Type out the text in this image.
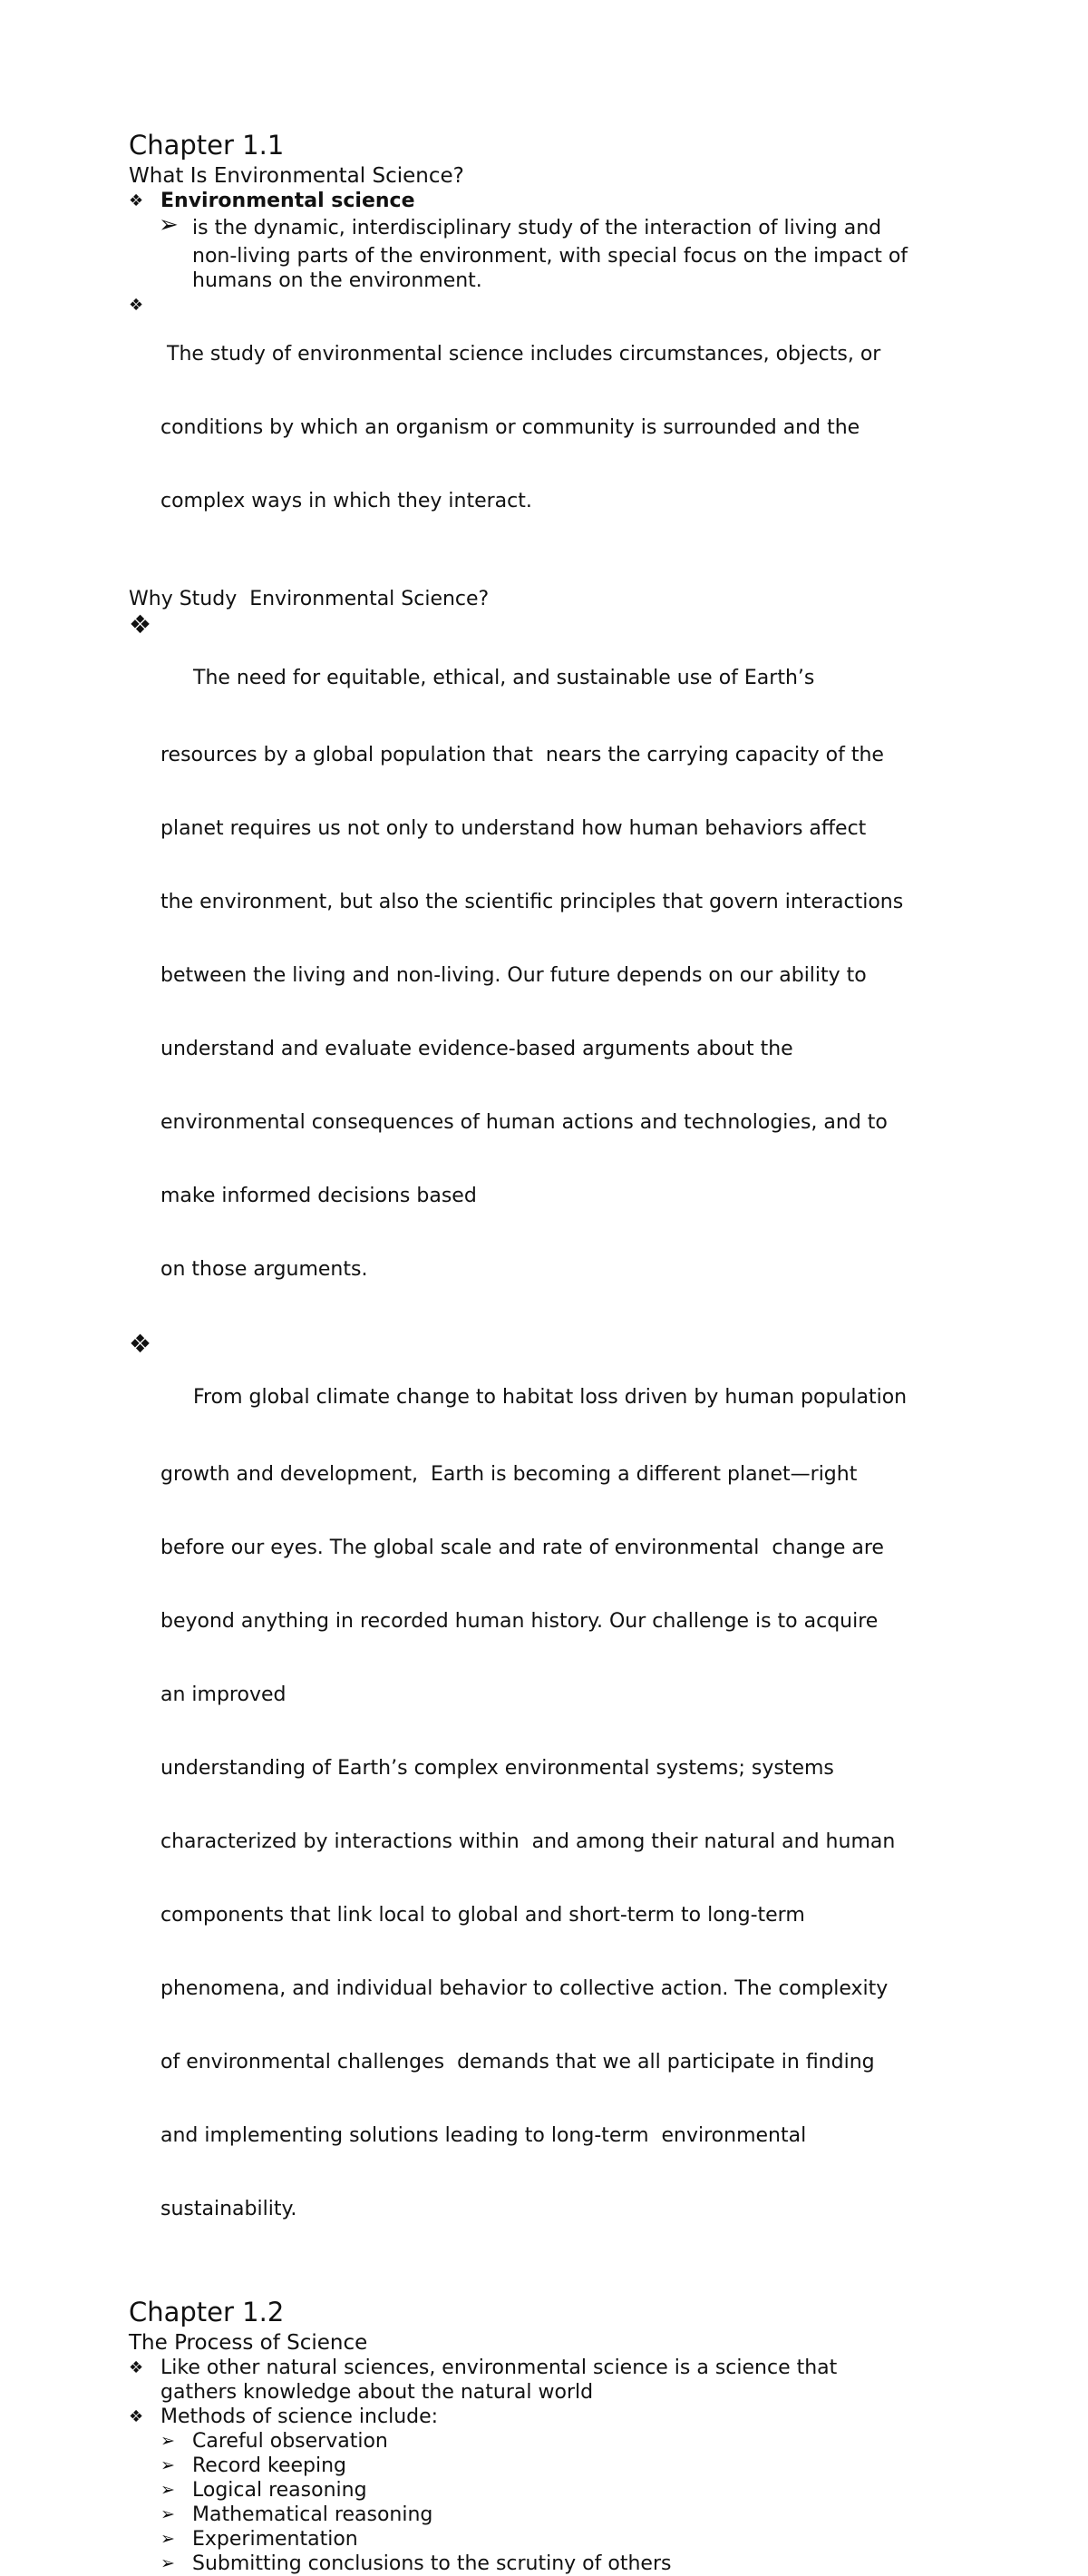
Chapter 1.1
What Is Environmental Science?
❖ Environmental science
➢ is the dynamic, interdisciplinary study of the interaction of living and
non-living parts of the environment, with special focus on the impact of
humans on the environment.
❖

The study of environmental science includes circumstances, objects, or

conditions by which an organism or community is surrounded and the

complex ways in which they interact.

Why Study  Environmental Science?
❖

The need for equitable, ethical, and sustainable use of Earth’s

resources by a global population that  nears the carrying capacity of the

planet requires us not only to understand how human behaviors affect

the environment, but also the scientific principles that govern interactions

between the living and non-living. Our future depends on our ability to

understand and evaluate evidence-based arguments about the

environmental consequences of human actions and technologies, and to

make informed decisions based

on those arguments.

❖

From global climate change to habitat loss driven by human population

growth and development,  Earth is becoming a different planet—right

before our eyes. The global scale and rate of environmental  change are

beyond anything in recorded human history. Our challenge is to acquire

an improved

understanding of Earth’s complex environmental systems; systems

characterized by interactions within  and among their natural and human

components that link local to global and short-term to long-term

phenomena, and individual behavior to collective action. The complexity

of environmental challenges  demands that we all participate in finding

and implementing solutions leading to long-term  environmental

sustainability.

Chapter 1.2
The Process of Science
❖ Like other natural sciences, environmental science is a science that
gathers knowledge about the natural world
❖ Methods of science include:
➢ Careful observation
➢ Record keeping
➢ Logical reasoning
➢ Mathematical reasoning
➢ Experimentation
➢ Submitting conclusions to the scrutiny of others
